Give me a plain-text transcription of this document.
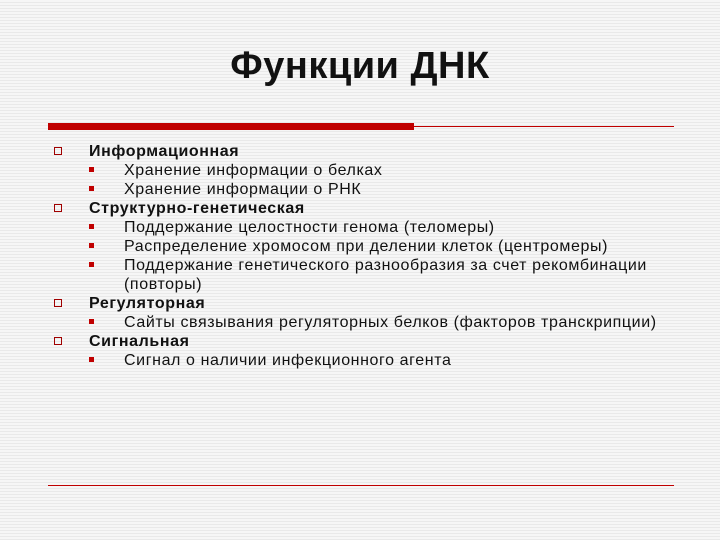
Функции ДНК
Информационная
Хранение информации о белках
Хранение информации о РНК
Структурно-генетическая
Поддержание целостности генома (теломеры)
Распределение хромосом при делении клеток (центромеры)
Поддержание генетического разнообразия за счет рекомбинации (повторы)
Регуляторная
Сайты связывания регуляторных белков (факторов транскрипции)
Сигнальная
Сигнал о наличии инфекционного агента
